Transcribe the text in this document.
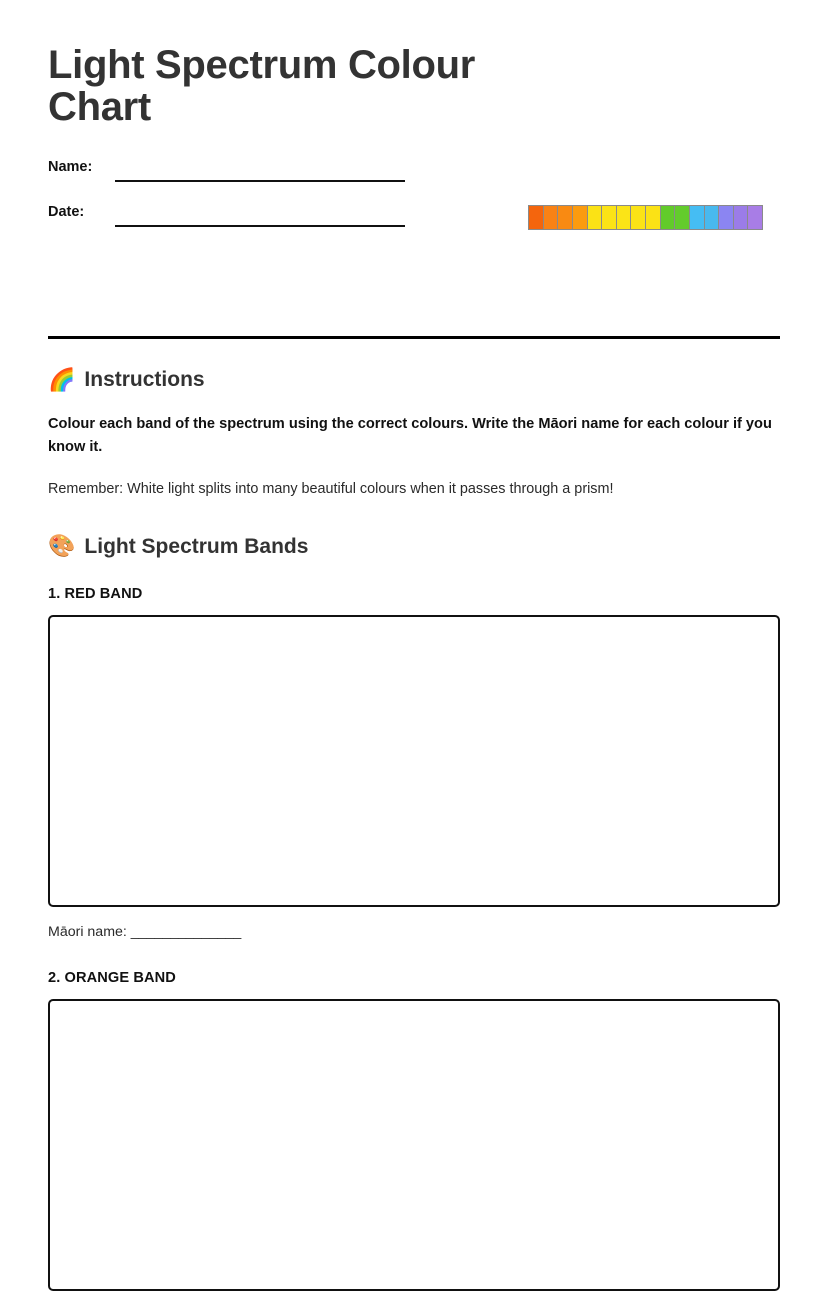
Light Spectrum Colour Chart
Name:
Date:
🌈 Instructions

Colour each band of the spectrum using the correct colours. Write the Māori name for each colour if you know it.

Remember: White light splits into many beautiful colours when it passes through a prism!

🎨 Light Spectrum Bands

1. RED BAND

Māori name: ______________

2. ORANGE BAND
